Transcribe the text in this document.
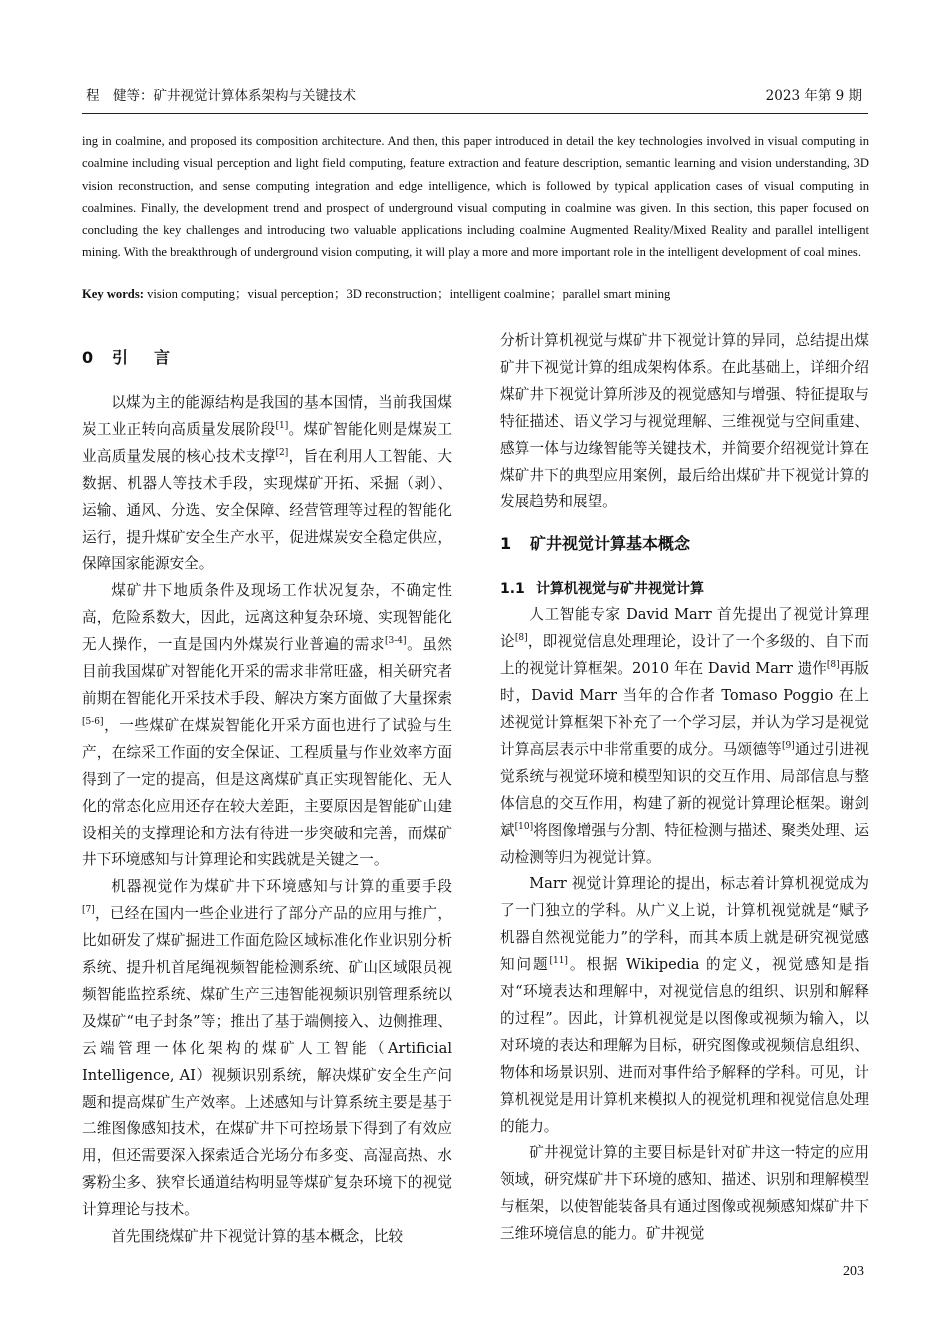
程　健等：矿井视觉计算体系架构与关键技术	2023 年第 9 期
ing in coalmine, and proposed its composition architecture. And then, this paper introduced in detail the key technologies involved in visual computing in coalmine including visual perception and light field computing, feature extraction and feature description, semantic learning and vision understanding, 3D vision reconstruction, and sense computing integration and edge intelligence, which is followed by typical application cases of visual computing in coalmines. Finally, the development trend and prospect of underground visual computing in coalmine was given. In this section, this paper focused on concluding the key challenges and introducing two valuable applications including coalmine Augmented Reality/Mixed Reality and parallel intelligent mining. With the breakthrough of underground vision computing, it will play a more and more important role in the intelligent development of coal mines.
Key words: vision computing；visual perception；3D reconstruction；intelligent coalmine；parallel smart mining
0 引言

以煤为主的能源结构是我国的基本国情，当前我国煤炭工业正转向高质量发展阶段[1]。煤矿智能化则是煤炭工业高质量发展的核心技术支撑[2]，旨在利用人工智能、大数据、机器人等技术手段，实现煤矿开拓、采掘（剥）、运输、通风、分选、安全保障、经营管理等过程的智能化运行，提升煤矿安全生产水平，促进煤炭安全稳定供应，保障国家能源安全。

煤矿井下地质条件及现场工作状况复杂，不确定性高，危险系数大，因此，远离这种复杂环境、实现智能化无人操作，一直是国内外煤炭行业普遍的需求[3-4]。虽然目前我国煤矿对智能化开采的需求非常旺盛，相关研究者前期在智能化开采技术手段、解决方案方面做了大量探索[5-6]，一些煤矿在煤炭智能化开采方面也进行了试验与生产，在综采工作面的安全保证、工程质量与作业效率方面得到了一定的提高，但是这离煤矿真正实现智能化、无人化的常态化应用还存在较大差距，主要原因是智能矿山建设相关的支撑理论和方法有待进一步突破和完善，而煤矿井下环境感知与计算理论和实践就是关键之一。

机器视觉作为煤矿井下环境感知与计算的重要手段[7]，已经在国内一些企业进行了部分产品的应用与推广，比如研发了煤矿掘进工作面危险区域标准化作业识别分析系统、提升机首尾绳视频智能检测系统、矿山区域限员视频智能监控系统、煤矿生产三违智能视频识别管理系统以及煤矿“电子封条”等；推出了基于端侧接入、边侧推理、云端管理一体化架构的煤矿人工智能（Artificial Intelligence, AI）视频识别系统，解决煤矿安全生产问题和提高煤矿生产效率。上述感知与计算系统主要是基于二维图像感知技术，在煤矿井下可控场景下得到了有效应用，但还需要深入探索适合光场分布多变、高湿高热、水雾粉尘多、狭窄长通道结构明显等煤矿复杂环境下的视觉计算理论与技术。

首先围绕煤矿井下视觉计算的基本概念，比较

分析计算机视觉与煤矿井下视觉计算的异同，总结提出煤矿井下视觉计算的组成架构体系。在此基础上，详细介绍煤矿井下视觉计算所涉及的视觉感知与增强、特征提取与特征描述、语义学习与视觉理解、三维视觉与空间重建、感算一体与边缘智能等关键技术，并简要介绍视觉计算在煤矿井下的典型应用案例，最后给出煤矿井下视觉计算的发展趋势和展望。

1 矿井视觉计算基本概念
1.1 计算机视觉与矿井视觉计算

人工智能专家 David Marr 首先提出了视觉计算理论[8]，即视觉信息处理理论，设计了一个多级的、自下而上的视觉计算框架。2010 年在 David Marr 遗作[8]再版时，David Marr 当年的合作者 Tomaso Poggio 在上述视觉计算框架下补充了一个学习层，并认为学习是视觉计算高层表示中非常重要的成分。马颂德等[9]通过引进视觉系统与视觉环境和模型知识的交互作用、局部信息与整体信息的交互作用，构建了新的视觉计算理论框架。谢剑斌[10]将图像增强与分割、特征检测与描述、聚类处理、运动检测等归为视觉计算。

Marr 视觉计算理论的提出，标志着计算机视觉成为了一门独立的学科。从广义上说，计算机视觉就是“赋予机器自然视觉能力”的学科，而其本质上就是研究视觉感知问题[11]。根据 Wikipedia 的定义，视觉感知是指对“环境表达和理解中，对视觉信息的组织、识别和解释的过程”。因此，计算机视觉是以图像或视频为输入，以对环境的表达和理解为目标，研究图像或视频信息组织、物体和场景识别、进而对事件给予解释的学科。可见，计算机视觉是用计算机来模拟人的视觉机理和视觉信息处理的能力。

矿井视觉计算的主要目标是针对矿井这一特定的应用领域，研究煤矿井下环境的感知、描述、识别和理解模型与框架，以使智能装备具有通过图像或视频感知煤矿井下三维环境信息的能力。矿井视觉

203
